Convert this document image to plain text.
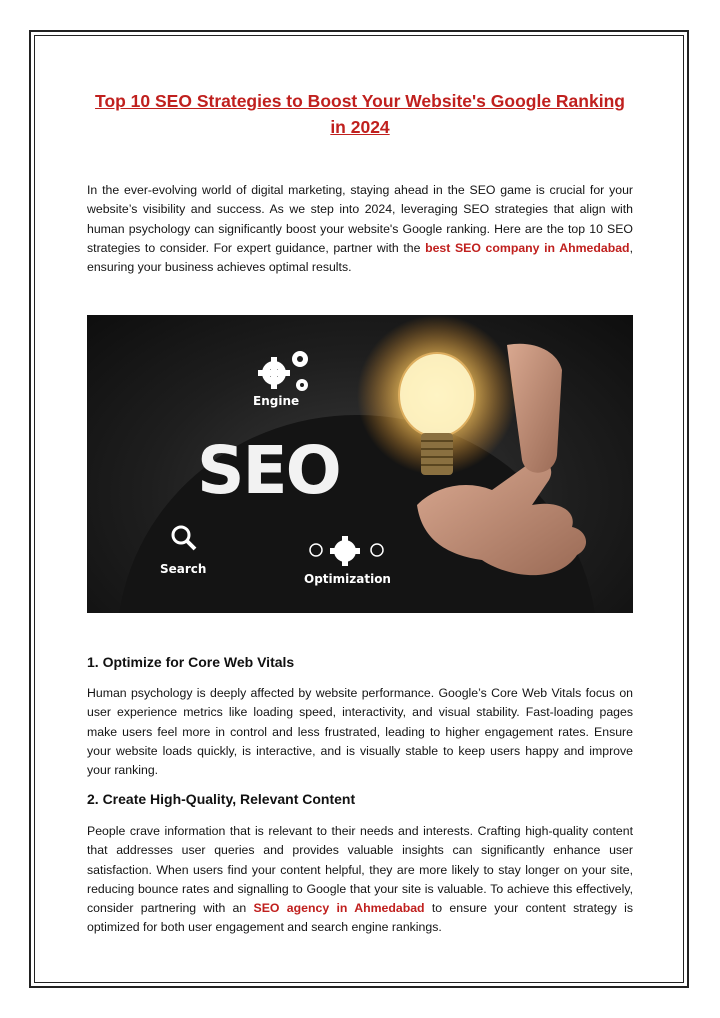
Top 10 SEO Strategies to Boost Your Website's Google Ranking in 2024

In the ever-evolving world of digital marketing, staying ahead in the SEO game is crucial for your website’s visibility and success. As we step into 2024, leveraging SEO strategies that align with human psychology can significantly boost your website's Google ranking. Here are the top 10 SEO strategies to consider. For expert guidance, partner with the best SEO company in Ahmedabad, ensuring your business achieves optimal results.

Engine
SEO
Search
Optimization
1. Optimize for Core Web Vitals

Human psychology is deeply affected by website performance. Google’s Core Web Vitals focus on user experience metrics like loading speed, interactivity, and visual stability. Fast-loading pages make users feel more in control and less frustrated, leading to higher engagement rates. Ensure your website loads quickly, is interactive, and is visually stable to keep users happy and improve your ranking.

2. Create High-Quality, Relevant Content

People crave information that is relevant to their needs and interests. Crafting high-quality content that addresses user queries and provides valuable insights can significantly enhance user satisfaction. When users find your content helpful, they are more likely to stay longer on your site, reducing bounce rates and signalling to Google that your site is valuable. To achieve this effectively, consider partnering with an SEO agency in Ahmedabad to ensure your content strategy is optimized for both user engagement and search engine rankings.
